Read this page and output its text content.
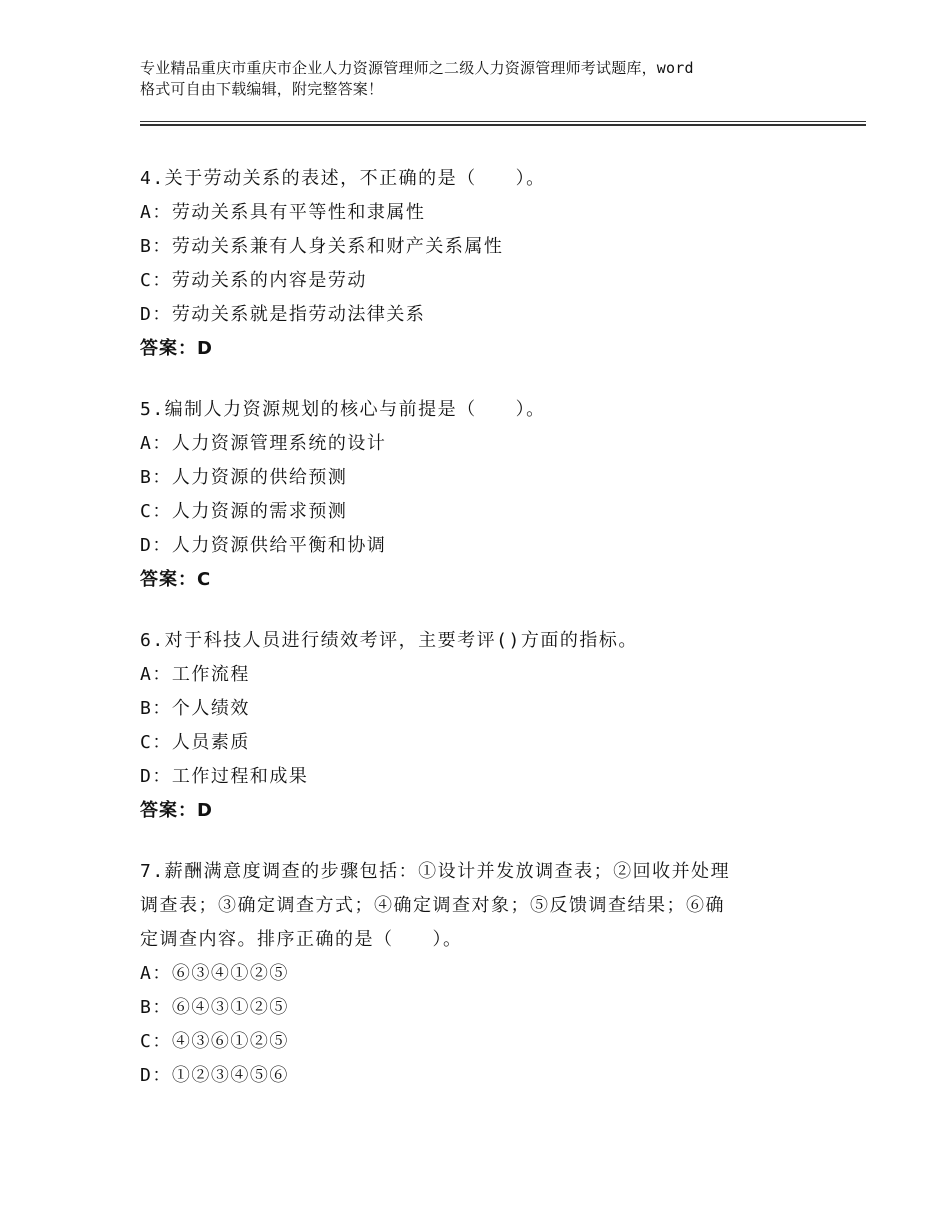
专业精品重庆市重庆市企业人力资源管理师之二级人力资源管理师考试题库，word
格式可自由下载编辑，附完整答案！
4.关于劳动关系的表述，不正确的是（　　）。
A：劳动关系具有平等性和隶属性
B：劳动关系兼有人身关系和财产关系属性
C：劳动关系的内容是劳动
D：劳动关系就是指劳动法律关系
答案：D
5.编制人力资源规划的核心与前提是（　　）。
A：人力资源管理系统的设计
B：人力资源的供给预测
C：人力资源的需求预测
D：人力资源供给平衡和协调
答案：C
6.对于科技人员进行绩效考评，主要考评()方面的指标。
A：工作流程
B：个人绩效
C：人员素质
D：工作过程和成果
答案：D
7.薪酬满意度调查的步骤包括：①设计并发放调查表；②回收并处理
调查表；③确定调查方式；④确定调查对象；⑤反馈调查结果；⑥确
定调查内容。排序正确的是（　　）。
A：⑥③④①②⑤
B：⑥④③①②⑤
C：④③⑥①②⑤
D：①②③④⑤⑥
